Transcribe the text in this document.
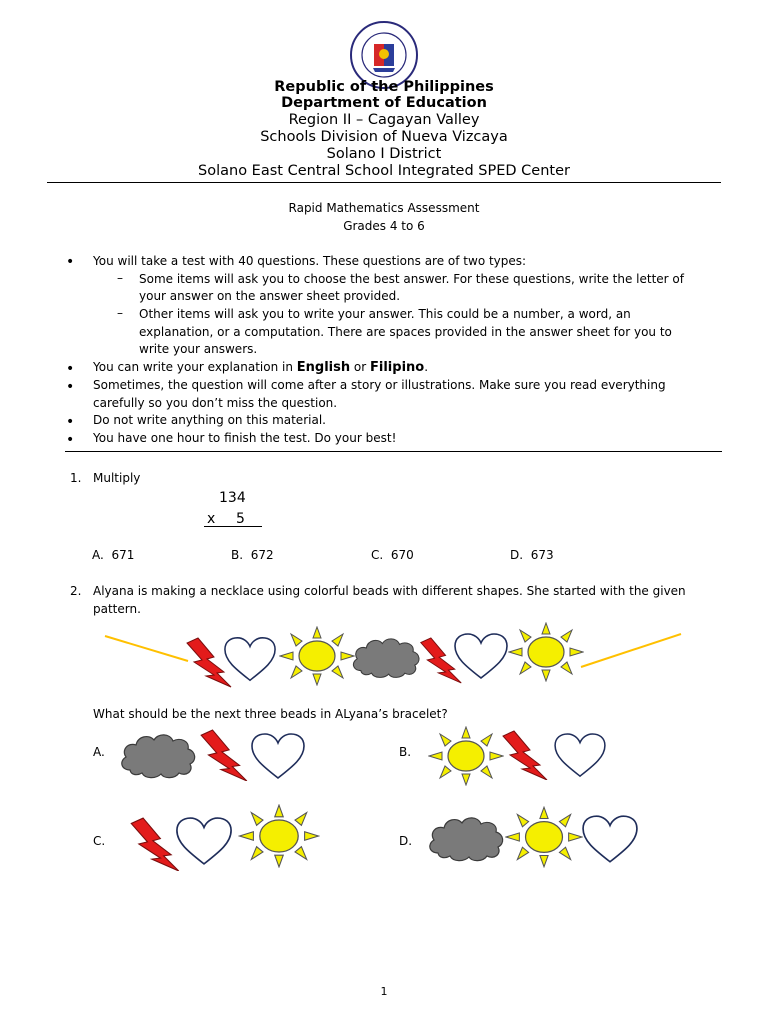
Republic of the Philippines
Department of Education
Region II – Cagayan Valley
Schools Division of Nueva Vizcaya
Solano I District
Solano East Central School Integrated SPED Center
Rapid Mathematics Assessment
Grades 4 to 6
• You will take a test with 40 questions. These questions are of two types:
– Some items will ask you to choose the best answer. For these questions, write the letter of
your answer on the answer sheet provided.
– Other items will ask you to write your answer. This could be a number, a word, an
explanation, or a computation. There are spaces provided in the answer sheet for you to
write your answers.
• You can write your explanation in English or Filipino.
• Sometimes, the question will come after a story or illustrations. Make sure you read everything
carefully so you don’t miss the question.
• Do not write anything on this material.
• You have one hour to finish the test. Do your best!
1. Multiply
134
x 5
A. 671	B. 672	C. 670	D. 673
2. Alyana is making a necklace using colorful beads with different shapes. She started with the given
pattern.
What should be the next three beads in ALyana’s bracelet?
A.	B.
C.	D.
1
